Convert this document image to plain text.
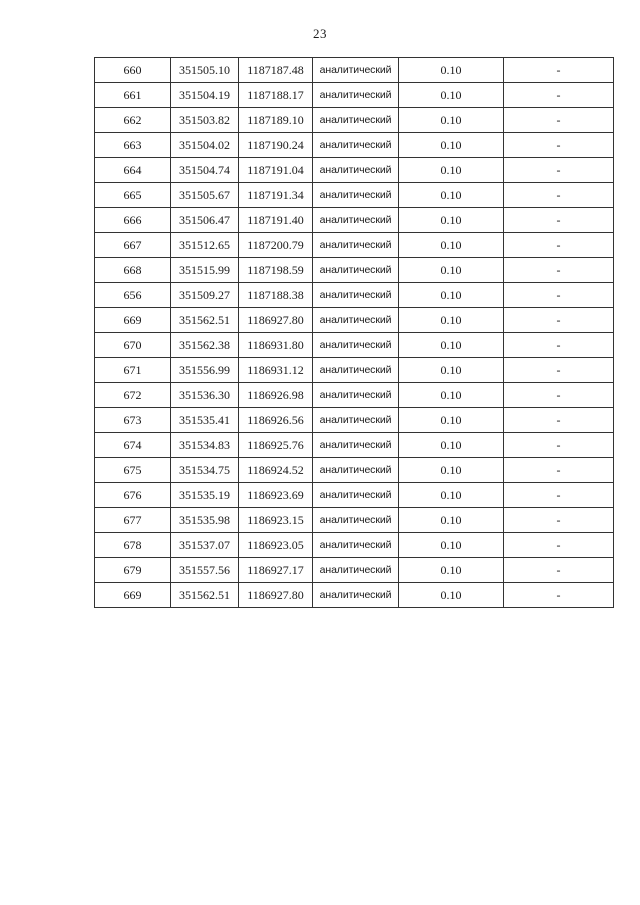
23
660	351505.10	1187187.48	аналитический	0.10	-
661	351504.19	1187188.17	аналитический	0.10	-
662	351503.82	1187189.10	аналитический	0.10	-
663	351504.02	1187190.24	аналитический	0.10	-
664	351504.74	1187191.04	аналитический	0.10	-
665	351505.67	1187191.34	аналитический	0.10	-
666	351506.47	1187191.40	аналитический	0.10	-
667	351512.65	1187200.79	аналитический	0.10	-
668	351515.99	1187198.59	аналитический	0.10	-
656	351509.27	1187188.38	аналитический	0.10	-
669	351562.51	1186927.80	аналитический	0.10	-
670	351562.38	1186931.80	аналитический	0.10	-
671	351556.99	1186931.12	аналитический	0.10	-
672	351536.30	1186926.98	аналитический	0.10	-
673	351535.41	1186926.56	аналитический	0.10	-
674	351534.83	1186925.76	аналитический	0.10	-
675	351534.75	1186924.52	аналитический	0.10	-
676	351535.19	1186923.69	аналитический	0.10	-
677	351535.98	1186923.15	аналитический	0.10	-
678	351537.07	1186923.05	аналитический	0.10	-
679	351557.56	1186927.17	аналитический	0.10	-
669	351562.51	1186927.80	аналитический	0.10	-
